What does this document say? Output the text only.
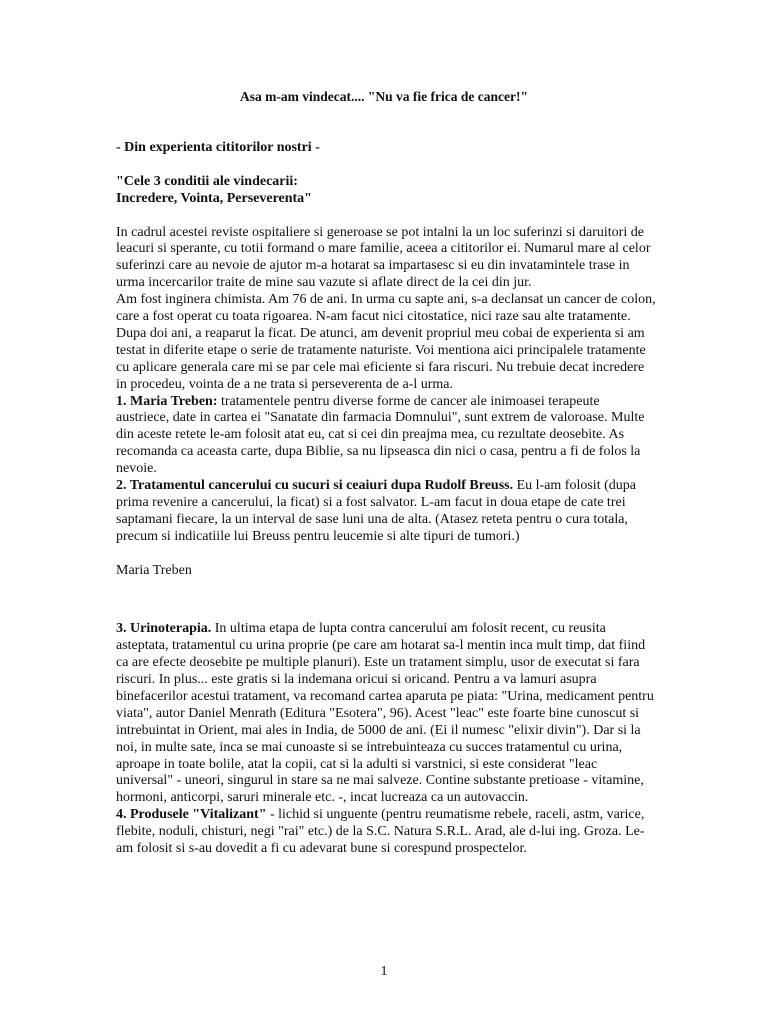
Asa m-am vindecat.... "Nu va fie frica de cancer!"

- Din experienta cititorilor nostri -

"Cele 3 conditii ale vindecarii:

Incredere, Vointa, Perseverenta"

In cadrul acestei reviste ospitaliere si generoase se pot intalni la un loc suferinzi si daruitori de leacuri si sperante, cu totii formand o mare familie, aceea a cititorilor ei. Numarul mare al celor suferinzi care au nevoie de ajutor m-a hotarat sa impartasesc si eu din invatamintele trase in urma incercarilor traite de mine sau vazute si aflate direct de la cei din jur.

Am fost inginera chimista. Am 76 de ani. In urma cu sapte ani, s-a declansat un cancer de colon, care a fost operat cu toata rigoarea. N-am facut nici citostatice, nici raze sau alte tratamente. Dupa doi ani, a reaparut la ficat. De atunci, am devenit propriul meu cobai de experienta si am testat in diferite etape o serie de tratamente naturiste. Voi mentiona aici principalele tratamente cu aplicare generala care mi se par cele mai eficiente si fara riscuri. Nu trebuie decat incredere in procedeu, vointa de a ne trata si perseverenta de a-l urma.

1. Maria Treben: tratamentele pentru diverse forme de cancer ale inimoasei terapeute austriece, date in cartea ei "Sanatate din farmacia Domnului", sunt extrem de valoroase. Multe din aceste retete le-am folosit atat eu, cat si cei din preajma mea, cu rezultate deosebite. As recomanda ca aceasta carte, dupa Biblie, sa nu lipseasca din nici o casa, pentru a fi de folos la nevoie.

2. Tratamentul cancerului cu sucuri si ceaiuri dupa Rudolf Breuss. Eu l-am folosit (dupa prima revenire a cancerului, la ficat) si a fost salvator. L-am facut in doua etape de cate trei saptamani fiecare, la un interval de sase luni una de alta. (Atasez reteta pentru o cura totala, precum si indicatiile lui Breuss pentru leucemie si alte tipuri de tumori.)

Maria Treben

3. Urinoterapia. In ultima etapa de lupta contra cancerului am folosit recent, cu reusita asteptata, tratamentul cu urina proprie (pe care am hotarat sa-l mentin inca mult timp, dat fiind ca are efecte deosebite pe multiple planuri). Este un tratament simplu, usor de executat si fara riscuri. In plus... este gratis si la indemana oricui si oricand. Pentru a va lamuri asupra binefacerilor acestui tratament, va recomand cartea aparuta pe piata: "Urina, medicament pentru viata", autor Daniel Menrath (Editura "Esotera", 96). Acest "leac" este foarte bine cunoscut si intrebuintat in Orient, mai ales in India, de 5000 de ani. (Ei il numesc "elixir divin"). Dar si la noi, in multe sate, inca se mai cunoaste si se intrebuinteaza cu succes tratamentul cu urina, aproape in toate bolile, atat la copii, cat si la adulti si varstnici, si este considerat "leac universal" - uneori, singurul in stare sa ne mai salveze. Contine substante pretioase - vitamine, hormoni, anticorpi, saruri minerale etc. -, incat lucreaza ca un autovaccin.

4. Produsele "Vitalizant" - lichid si unguente (pentru reumatisme rebele, raceli, astm, varice, flebite, noduli, chisturi, negi "rai" etc.) de la S.C. Natura S.R.L. Arad, ale d-lui ing. Groza. Le-am folosit si s-au dovedit a fi cu adevarat bune si corespund prospectelor.

1
